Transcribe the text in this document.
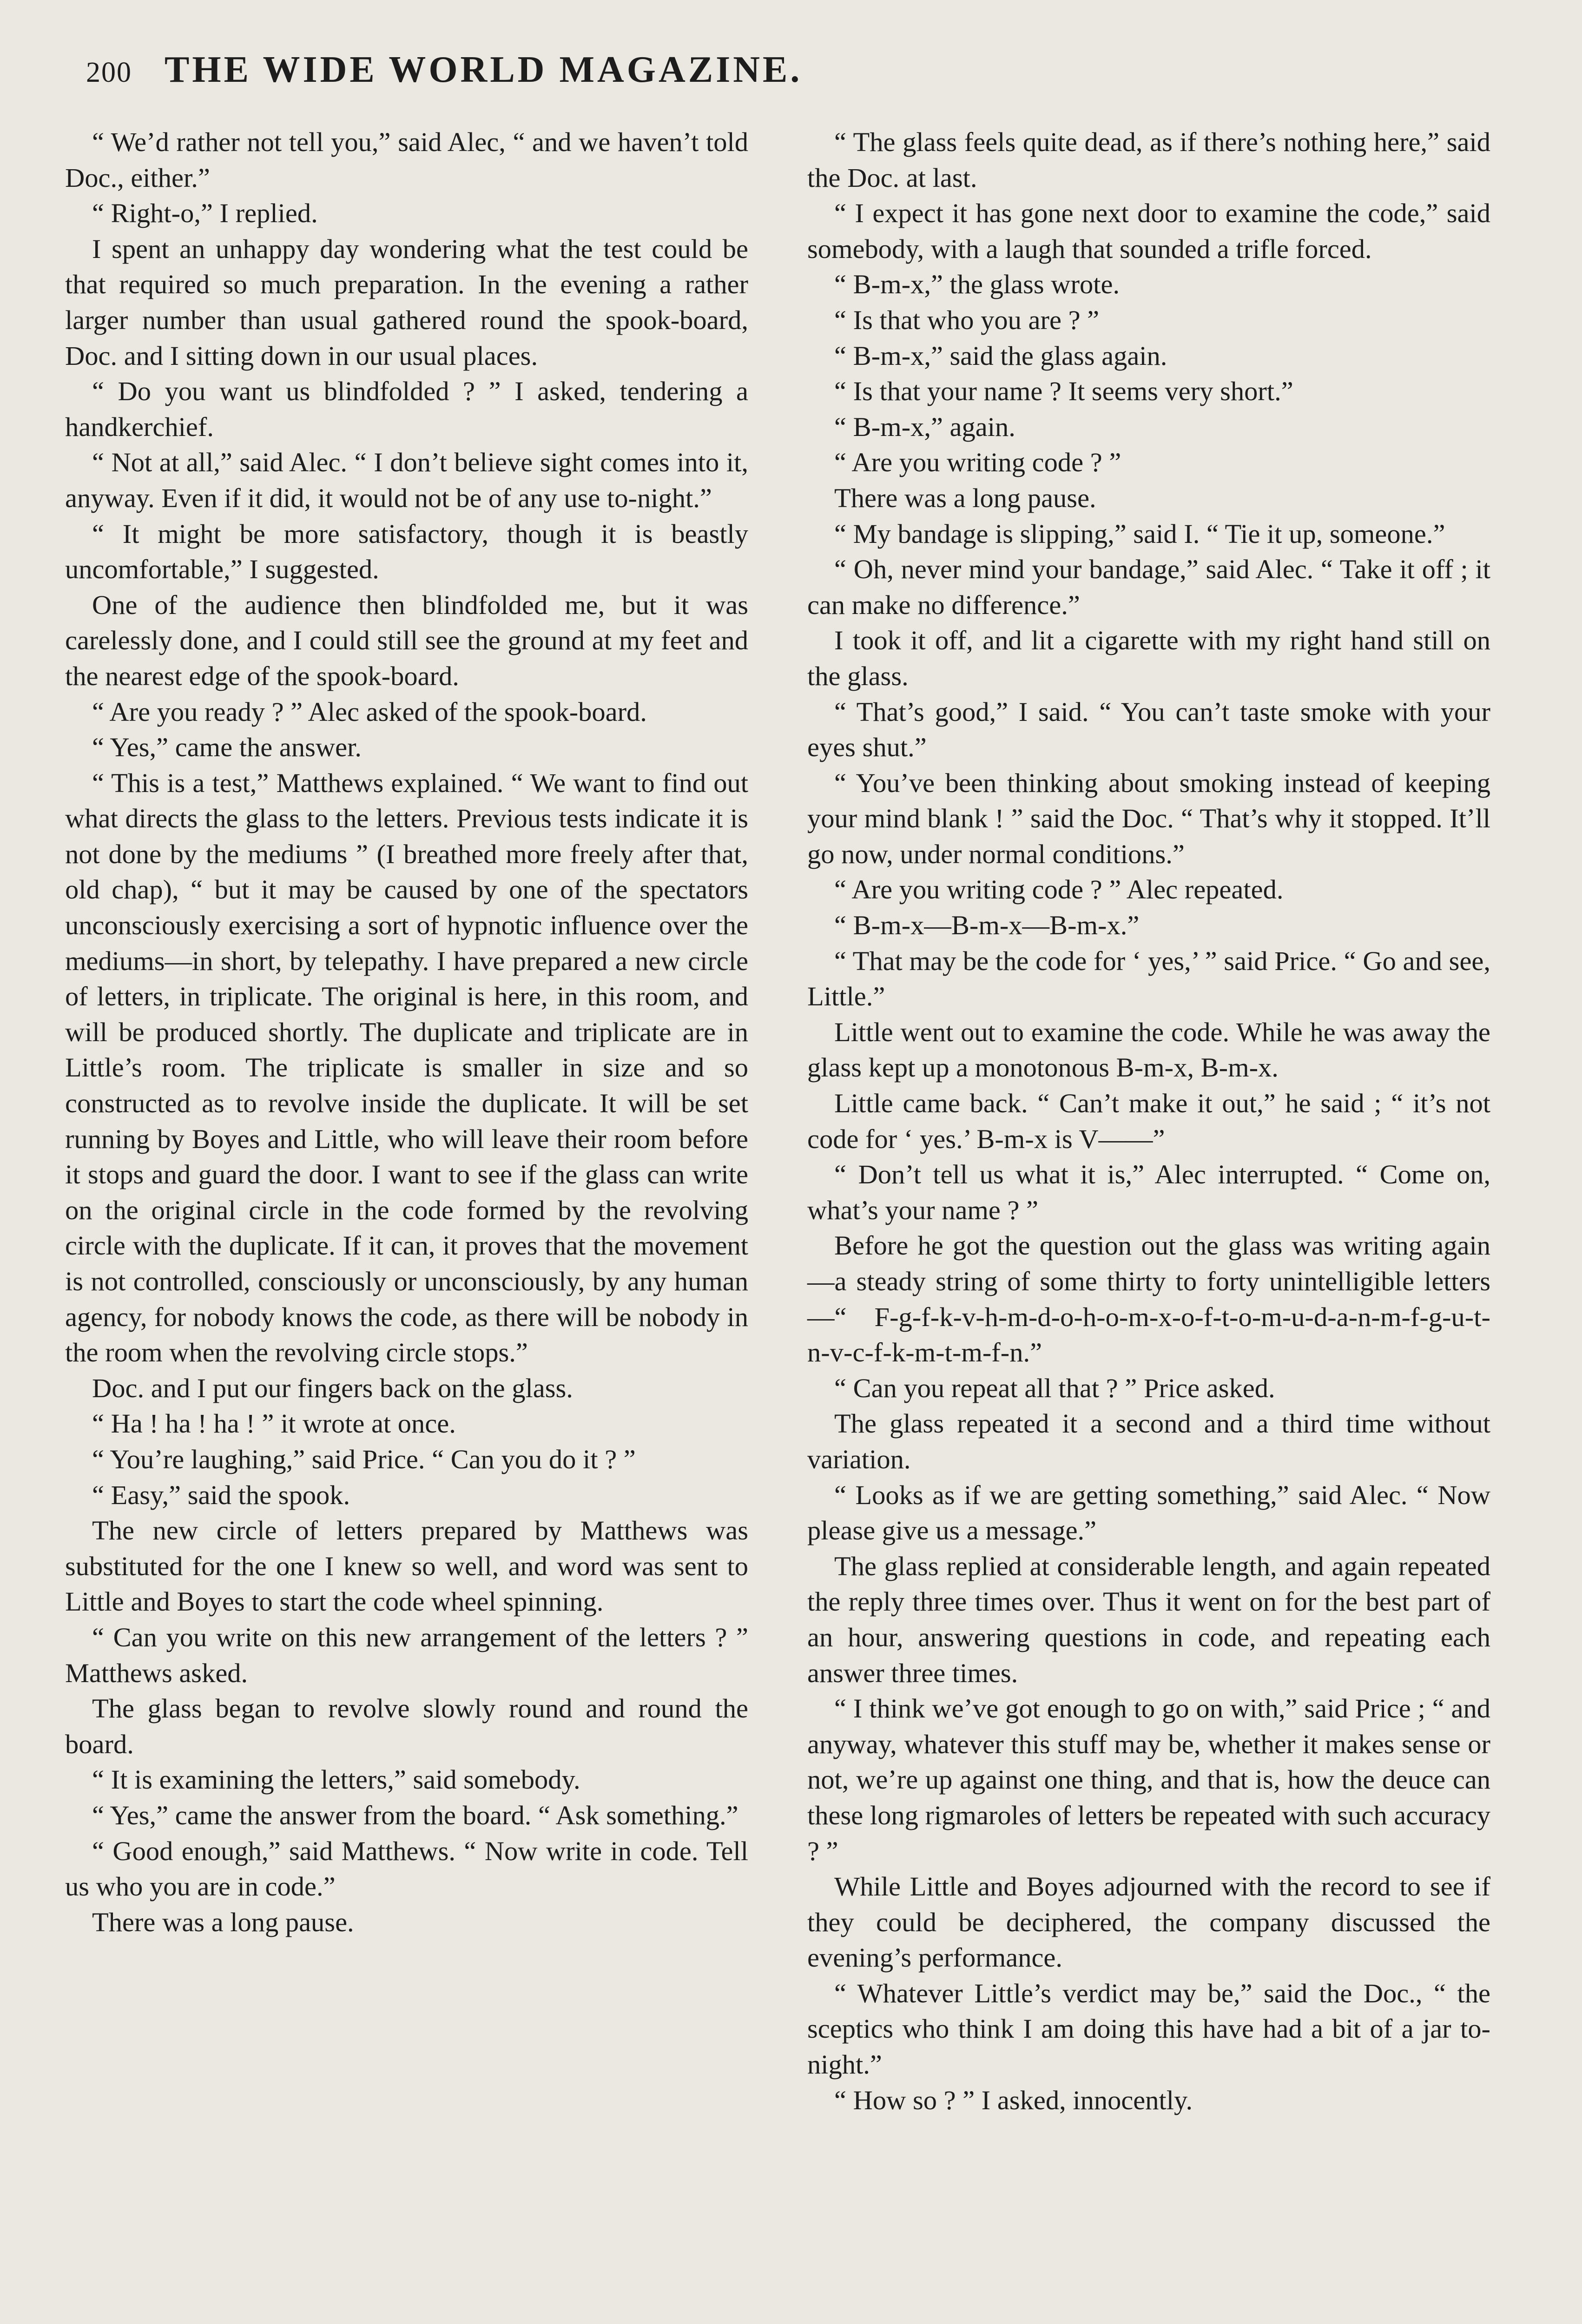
200 THE WIDE WORLD MAGAZINE.

“ We’d rather not tell you,” said Alec, “ and we haven’t told Doc., either.”

“ Right-o,” I replied.

I spent an unhappy day wondering what the test could be that required so much preparation. In the evening a rather larger number than usual gathered round the spook-board, Doc. and I sitting down in our usual places.

“ Do you want us blindfolded ? ” I asked, tendering a handkerchief.

“ Not at all,” said Alec. “ I don’t believe sight comes into it, anyway. Even if it did, it would not be of any use to-night.”

“ It might be more satisfactory, though it is beastly uncomfortable,” I suggested.

One of the audience then blindfolded me, but it was carelessly done, and I could still see the ground at my feet and the nearest edge of the spook-board.

“ Are you ready ? ” Alec asked of the spook-board.

“ Yes,” came the answer.

“ This is a test,” Matthews explained. “ We want to find out what directs the glass to the letters. Previous tests indicate it is not done by the mediums ” (I breathed more freely after that, old chap), “ but it may be caused by one of the spectators unconsciously exercising a sort of hypnotic influence over the mediums—in short, by telepathy. I have prepared a new circle of letters, in triplicate. The original is here, in this room, and will be produced shortly. The duplicate and triplicate are in Little’s room. The triplicate is smaller in size and so constructed as to revolve inside the duplicate. It will be set running by Boyes and Little, who will leave their room before it stops and guard the door. I want to see if the glass can write on the original circle in the code formed by the revolving circle with the duplicate. If it can, it proves that the movement is not controlled, consciously or unconsciously, by any human agency, for nobody knows the code, as there will be nobody in the room when the revolving circle stops.”

Doc. and I put our fingers back on the glass.

“ Ha ! ha ! ha ! ” it wrote at once.

“ You’re laughing,” said Price. “ Can you do it ? ”

“ Easy,” said the spook.

The new circle of letters prepared by Matthews was substituted for the one I knew so well, and word was sent to Little and Boyes to start the code wheel spinning.

“ Can you write on this new arrangement of the letters ? ” Matthews asked.

The glass began to revolve slowly round and round the board.

“ It is examining the letters,” said somebody.

“ Yes,” came the answer from the board. “ Ask something.”

“ Good enough,” said Matthews. “ Now write in code. Tell us who you are in code.”

There was a long pause.

“ The glass feels quite dead, as if there’s nothing here,” said the Doc. at last.

“ I expect it has gone next door to examine the code,” said somebody, with a laugh that sounded a trifle forced.

“ B-m-x,” the glass wrote.

“ Is that who you are ? ”

“ B-m-x,” said the glass again.

“ Is that your name ? It seems very short.”

“ B-m-x,” again.

“ Are you writing code ? ”

There was a long pause.

“ My bandage is slipping,” said I. “ Tie it up, someone.”

“ Oh, never mind your bandage,” said Alec. “ Take it off ; it can make no difference.”

I took it off, and lit a cigarette with my right hand still on the glass.

“ That’s good,” I said. “ You can’t taste smoke with your eyes shut.”

“ You’ve been thinking about smoking instead of keeping your mind blank ! ” said the Doc. “ That’s why it stopped. It’ll go now, under normal conditions.”

“ Are you writing code ? ” Alec repeated.

“ B-m-x—B-m-x—B-m-x.”

“ That may be the code for ‘ yes,’ ” said Price. “ Go and see, Little.”

Little went out to examine the code. While he was away the glass kept up a monotonous B-m-x, B-m-x.

Little came back. “ Can’t make it out,” he said ; “ it’s not code for ‘ yes.’ B-m-x is V——”

“ Don’t tell us what it is,” Alec interrupted. “ Come on, what’s your name ? ”

Before he got the question out the glass was writing again—a steady string of some thirty to forty unintelligible letters—“ F-g-f-k-v-h-m-d-o-h-o-m-x-o-f-t-o-m-u-d-a-n-m-f-g-u-t-n-v-c-f-k-m-t-m-f-n.”

“ Can you repeat all that ? ” Price asked.

The glass repeated it a second and a third time without variation.

“ Looks as if we are getting something,” said Alec. “ Now please give us a message.”

The glass replied at considerable length, and again repeated the reply three times over. Thus it went on for the best part of an hour, answering questions in code, and repeating each answer three times.

“ I think we’ve got enough to go on with,” said Price ; “ and anyway, whatever this stuff may be, whether it makes sense or not, we’re up against one thing, and that is, how the deuce can these long rigmaroles of letters be repeated with such accuracy ? ”

While Little and Boyes adjourned with the record to see if they could be deciphered, the company discussed the evening’s performance.

“ Whatever Little’s verdict may be,” said the Doc., “ the sceptics who think I am doing this have had a bit of a jar to-night.”

“ How so ? ” I asked, innocently.
